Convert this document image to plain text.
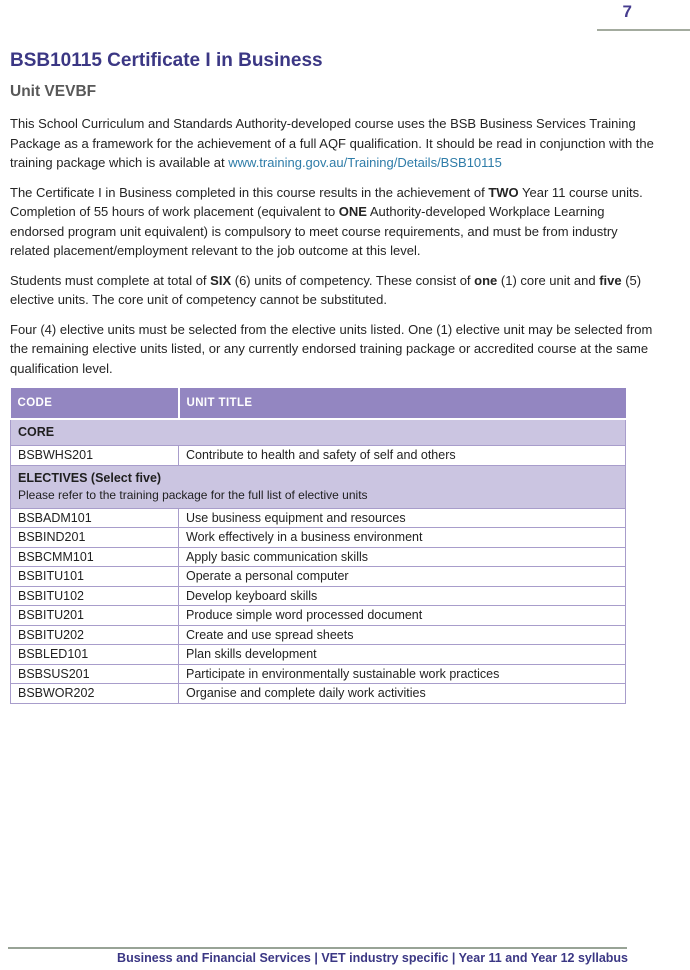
7
BSB10115 Certificate I in Business
Unit VEVBF

This School Curriculum and Standards Authority-developed course uses the BSB Business Services Training Package as a framework for the achievement of a full AQF qualification. It should be read in conjunction with the training package which is available at www.training.gov.au/Training/Details/BSB10115

The Certificate I in Business completed in this course results in the achievement of TWO Year 11 course units. Completion of 55 hours of work placement (equivalent to ONE Authority-developed Workplace Learning endorsed program unit equivalent) is compulsory to meet course requirements, and must be from industry related placement/employment relevant to the job outcome at this level.

Students must complete at total of SIX (6) units of competency. These consist of one (1) core unit and five (5) elective units. The core unit of competency cannot be substituted.

Four (4) elective units must be selected from the elective units listed. One (1) elective unit may be selected from the remaining elective units listed, or any currently endorsed training package or accredited course at the same qualification level.

CODE	UNIT TITLE

CORE	

BSBWHS201	Contribute to health and safety of self and others

ELECTIVES (Select five)
Please refer to the training package for the full list of elective units	

BSBADM101	Use business equipment and resources
BSBIND201	Work effectively in a business environment
BSBCMM101	Apply basic communication skills
BSBITU101	Operate a personal computer
BSBITU102	Develop keyboard skills
BSBITU201	Produce simple word processed document
BSBITU202	Create and use spread sheets
BSBLED101	Plan skills development
BSBSUS201	Participate in environmentally sustainable work practices
BSBWOR202	Organise and complete daily work activities
Business and Financial Services | VET industry specific | Year 11 and Year 12 syllabus
